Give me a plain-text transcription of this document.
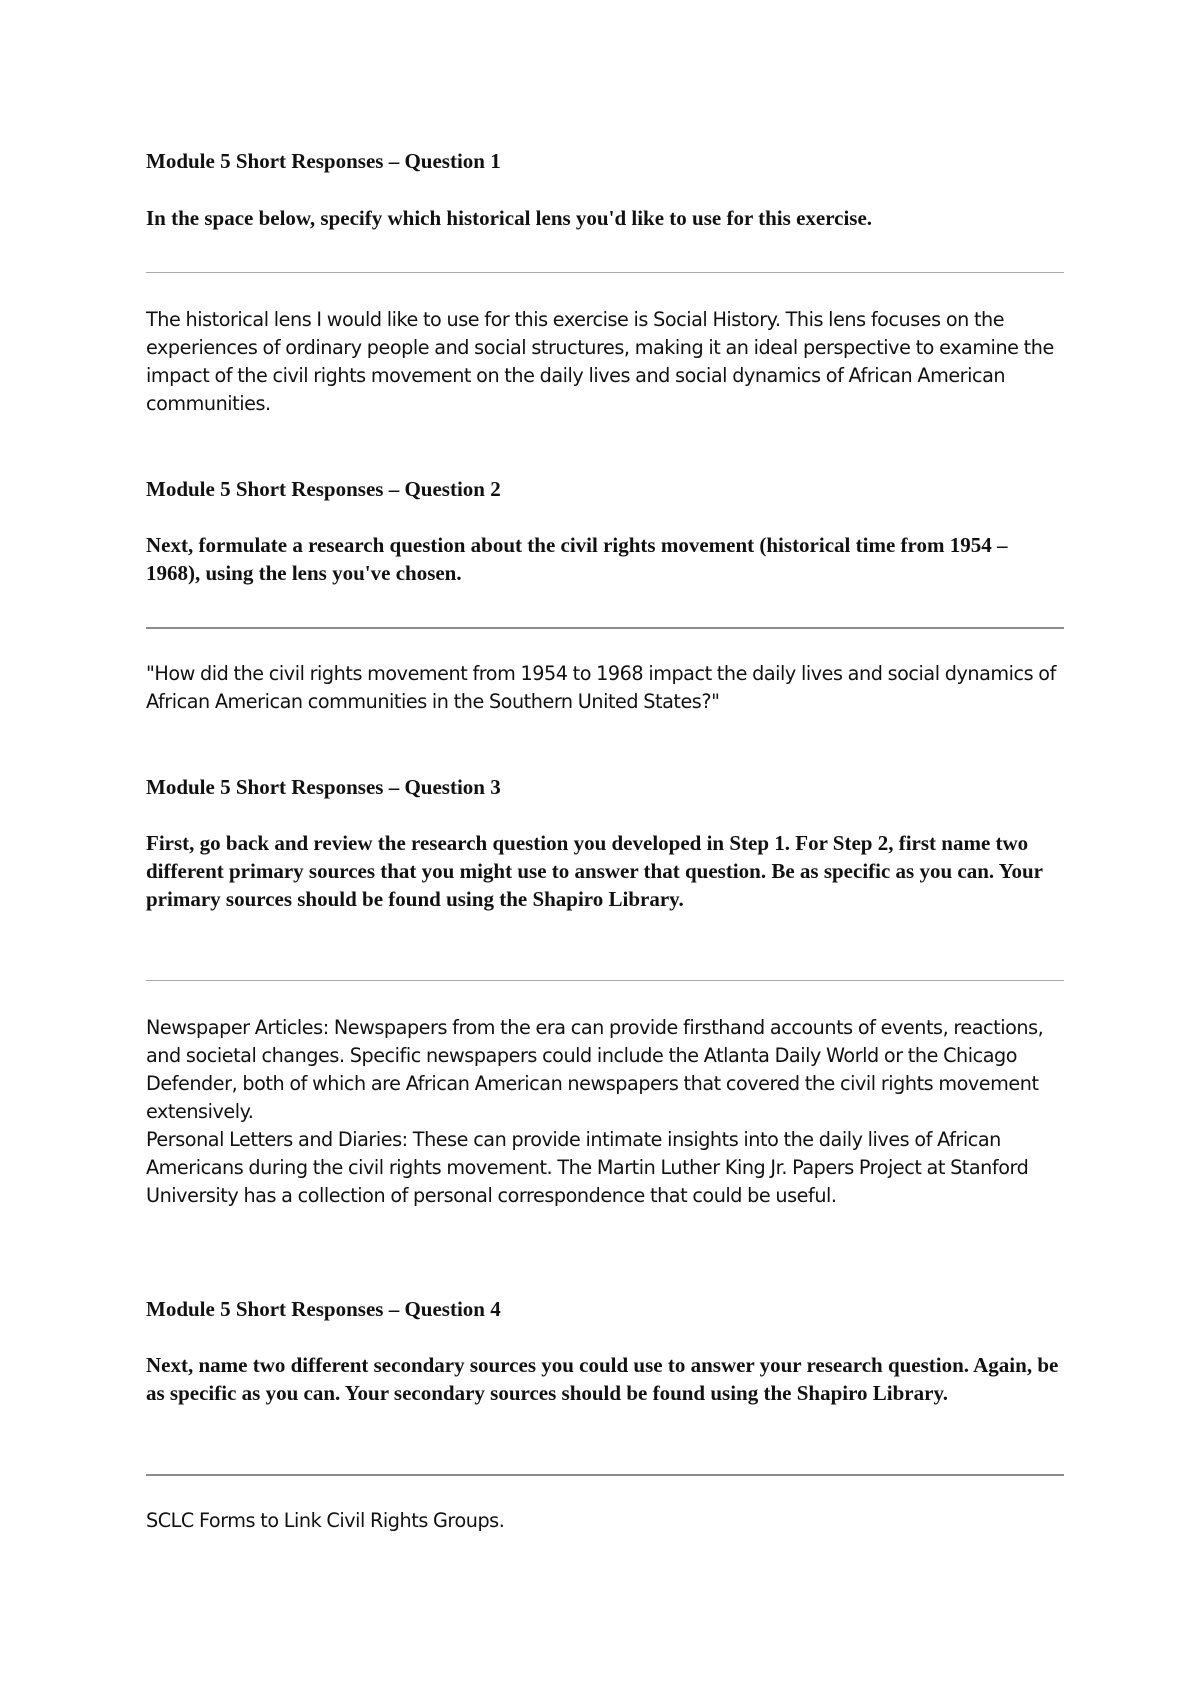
Module 5 Short Responses – Question 1
In the space below, specify which historical lens you'd like to use for this exercise.

The historical lens I would like to use for this exercise is Social History. This lens focuses on the experiences of ordinary people and social structures, making it an ideal perspective to examine the impact of the civil rights movement on the daily lives and social dynamics of African American communities.

Module 5 Short Responses – Question 2
Next, formulate a research question about the civil rights movement (historical time from 1954 – 1968), using the lens you've chosen.

"How did the civil rights movement from 1954 to 1968 impact the daily lives and social dynamics of African American communities in the Southern United States?"

Module 5 Short Responses – Question 3
First, go back and review the research question you developed in Step 1. For Step 2, first name two different primary sources that you might use to answer that question. Be as specific as you can. Your primary sources should be found using the Shapiro Library.

Newspaper Articles: Newspapers from the era can provide firsthand accounts of events, reactions, and societal changes. Specific newspapers could include the Atlanta Daily World or the Chicago Defender, both of which are African American newspapers that covered the civil rights movement extensively.

Personal Letters and Diaries: These can provide intimate insights into the daily lives of African Americans during the civil rights movement. The Martin Luther King Jr. Papers Project at Stanford University has a collection of personal correspondence that could be useful.

Module 5 Short Responses – Question 4
Next, name two different secondary sources you could use to answer your research question. Again, be as specific as you can. Your secondary sources should be found using the Shapiro Library.

SCLC Forms to Link Civil Rights Groups.
